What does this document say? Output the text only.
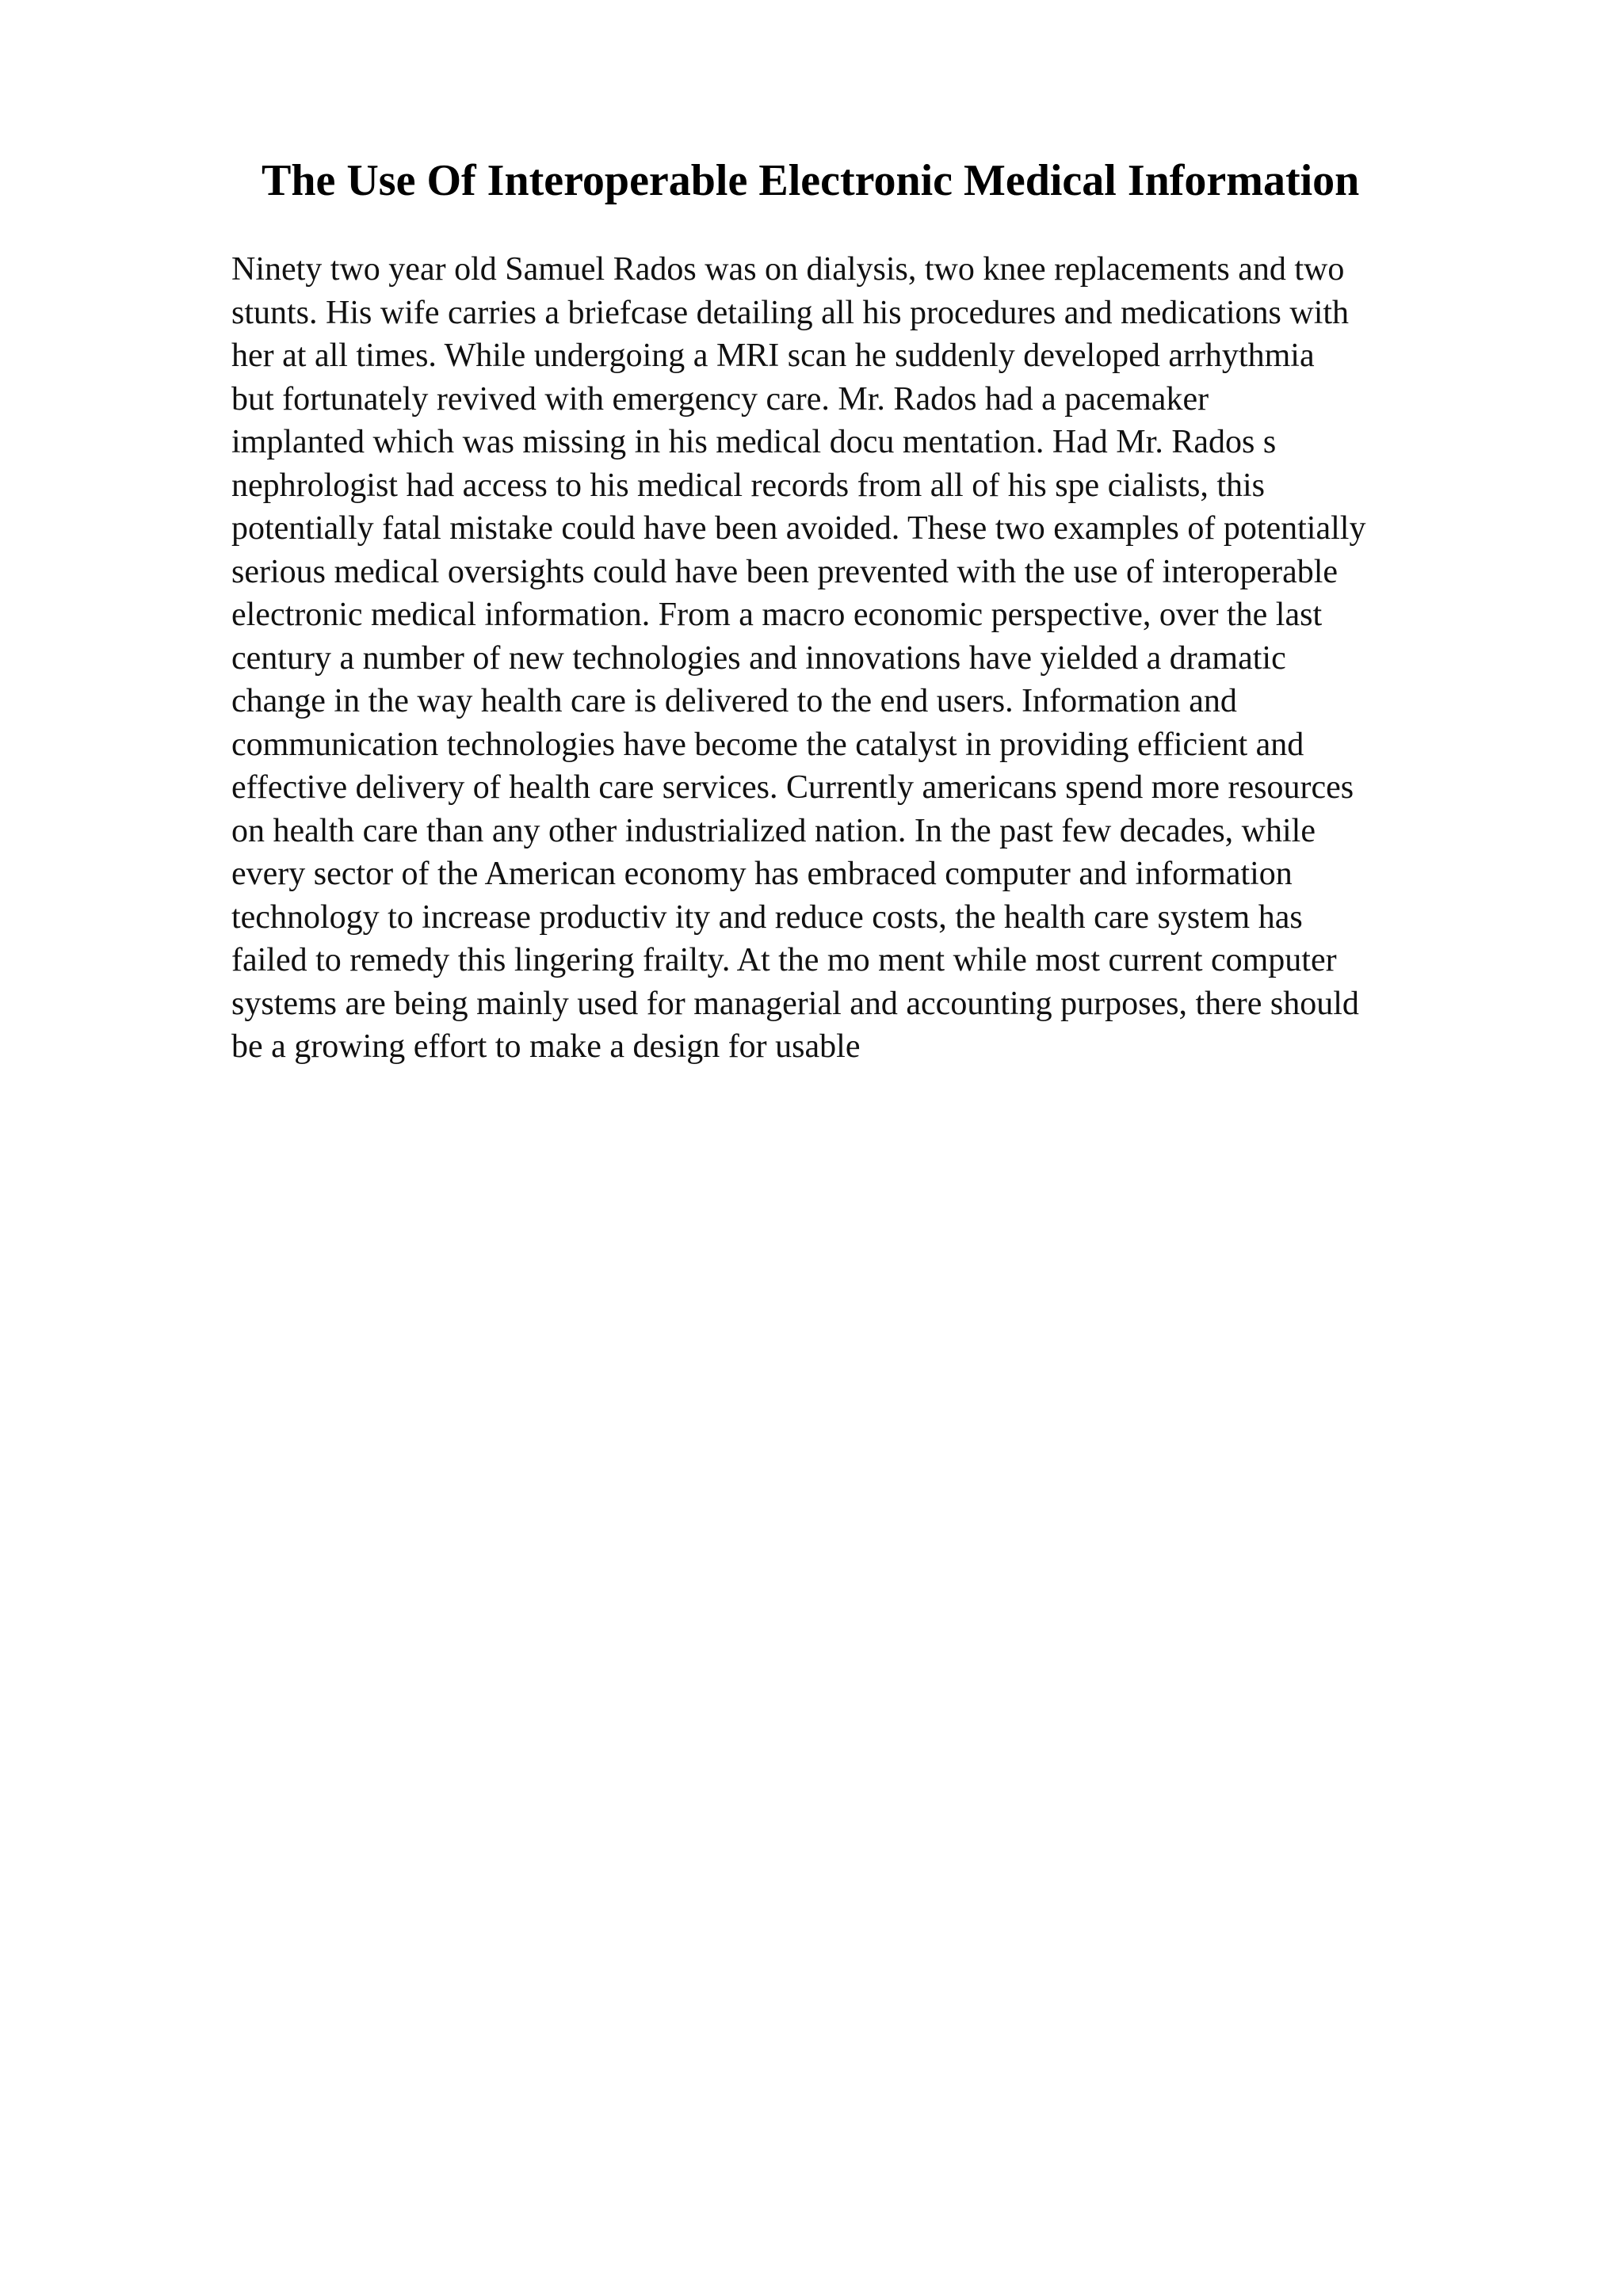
The Use Of Interoperable Electronic Medical Information
Ninety two year old Samuel Rados was on dialysis, two knee replacements and two
stunts. His wife carries a briefcase detailing all his procedures and medications with
her at all times. While undergoing a MRI scan he suddenly developed arrhythmia
but fortunately revived with emergency care. Mr. Rados had a pacemaker
implanted which was missing in his medical docu mentation. Had Mr. Rados s
nephrologist had access to his medical records from all of his spe cialists, this
potentially fatal mistake could have been avoided. These two examples of potentially
serious medical oversights could have been prevented with the use of interoperable
electronic medical information. From a macro economic perspective, over the last
century a number of new technologies and innovations have yielded a dramatic
change in the way health care is delivered to the end users. Information and
communication technologies have become the catalyst in providing efficient and
effective delivery of health care services. Currently americans spend more resources
on health care than any other industrialized nation. In the past few decades, while
every sector of the American economy has embraced computer and information
technology to increase productiv ity and reduce costs, the health care system has
failed to remedy this lingering frailty. At the mo ment while most current computer
systems are being mainly used for managerial and accounting purposes, there should
be a growing effort to make a design for usable
